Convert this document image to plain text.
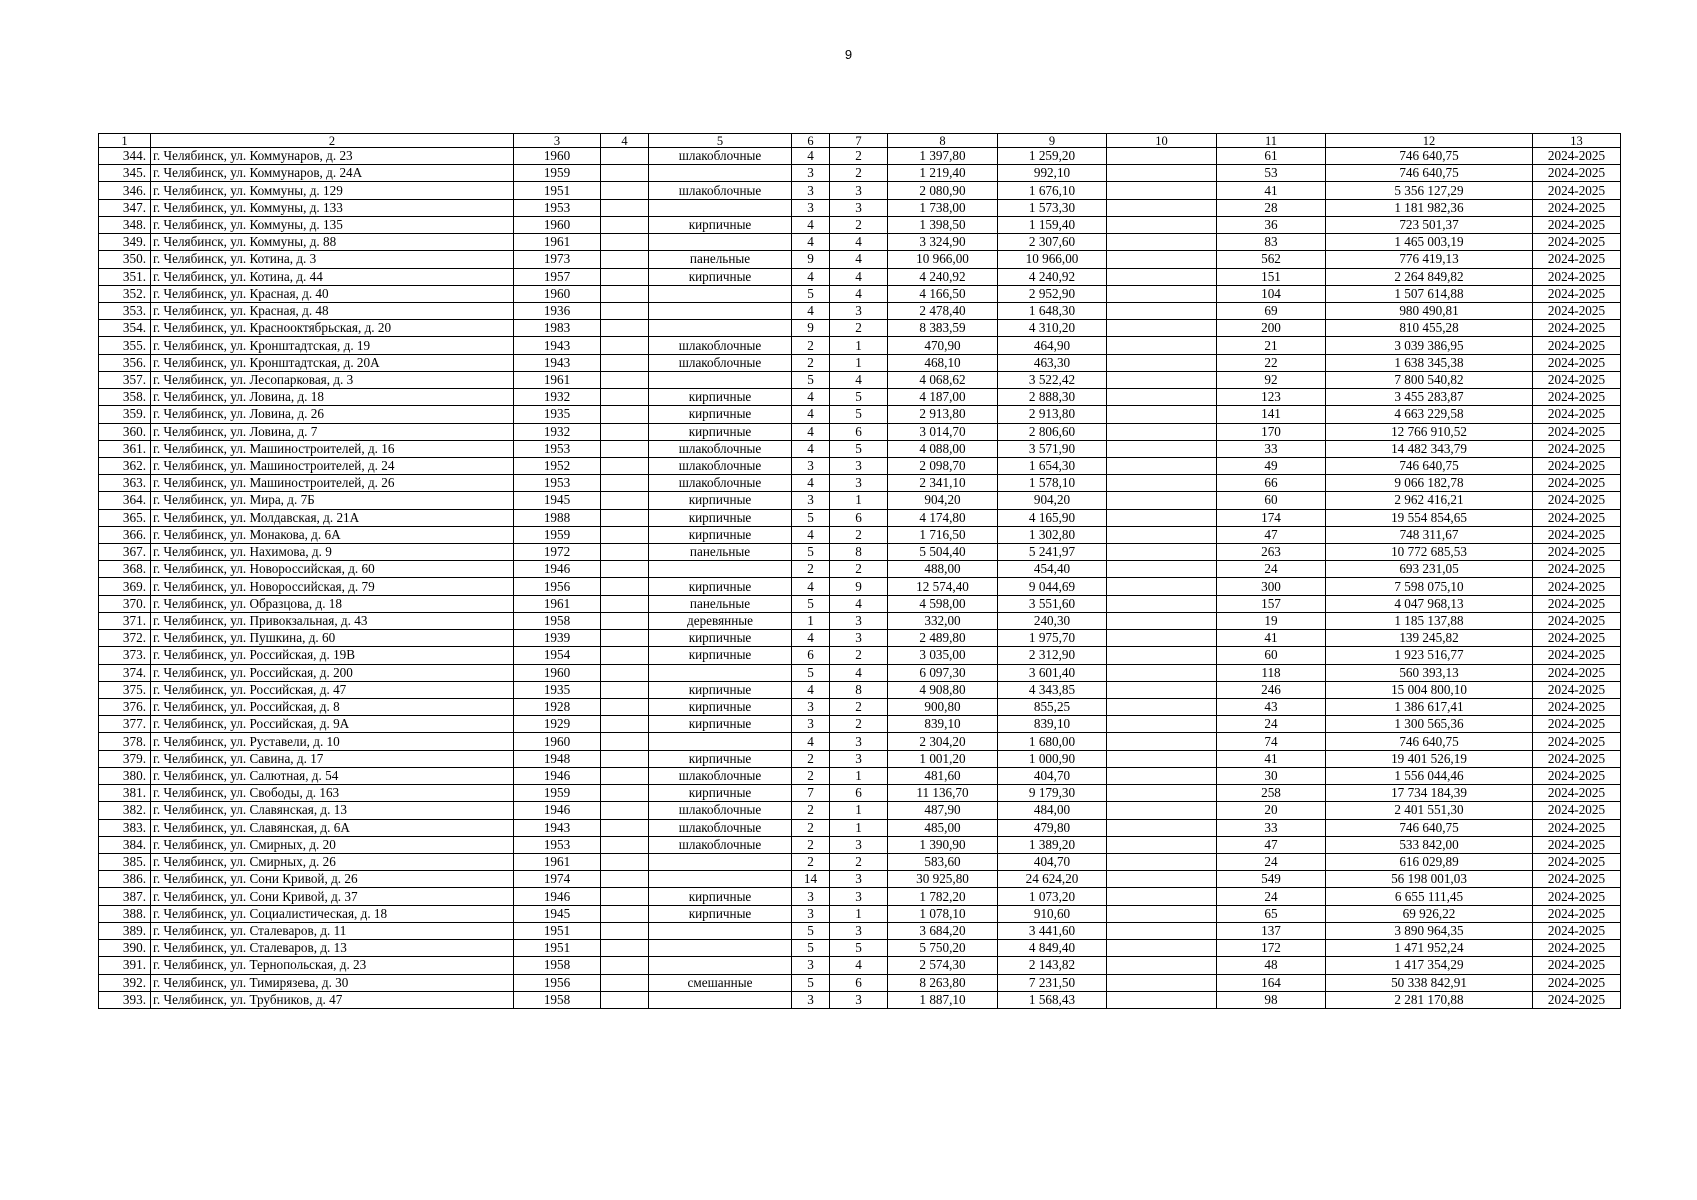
9
1	2	3	4	5	6	7	8	9	10	11	12	13
344.	г. Челябинск, ул. Коммунаров, д. 23	1960		шлакоблочные	4	2	1 397,80	1 259,20		61	746 640,75	2024-2025
345.	г. Челябинск, ул. Коммунаров, д. 24А	1959			3	2	1 219,40	992,10		53	746 640,75	2024-2025
346.	г. Челябинск, ул. Коммуны, д. 129	1951		шлакоблочные	3	3	2 080,90	1 676,10		41	5 356 127,29	2024-2025
347.	г. Челябинск, ул. Коммуны, д. 133	1953			3	3	1 738,00	1 573,30		28	1 181 982,36	2024-2025
348.	г. Челябинск, ул. Коммуны, д. 135	1960		кирпичные	4	2	1 398,50	1 159,40		36	723 501,37	2024-2025
349.	г. Челябинск, ул. Коммуны, д. 88	1961			4	4	3 324,90	2 307,60		83	1 465 003,19	2024-2025
350.	г. Челябинск, ул. Котина, д. 3	1973		панельные	9	4	10 966,00	10 966,00		562	776 419,13	2024-2025
351.	г. Челябинск, ул. Котина, д. 44	1957		кирпичные	4	4	4 240,92	4 240,92		151	2 264 849,82	2024-2025
352.	г. Челябинск, ул. Красная, д. 40	1960			5	4	4 166,50	2 952,90		104	1 507 614,88	2024-2025
353.	г. Челябинск, ул. Красная, д. 48	1936			4	3	2 478,40	1 648,30		69	980 490,81	2024-2025
354.	г. Челябинск, ул. Краснооктябрьская, д. 20	1983			9	2	8 383,59	4 310,20		200	810 455,28	2024-2025
355.	г. Челябинск, ул. Кронштадтская, д. 19	1943		шлакоблочные	2	1	470,90	464,90		21	3 039 386,95	2024-2025
356.	г. Челябинск, ул. Кронштадтская, д. 20А	1943		шлакоблочные	2	1	468,10	463,30		22	1 638 345,38	2024-2025
357.	г. Челябинск, ул. Лесопарковая, д. 3	1961			5	4	4 068,62	3 522,42		92	7 800 540,82	2024-2025
358.	г. Челябинск, ул. Ловина, д. 18	1932		кирпичные	4	5	4 187,00	2 888,30		123	3 455 283,87	2024-2025
359.	г. Челябинск, ул. Ловина, д. 26	1935		кирпичные	4	5	2 913,80	2 913,80		141	4 663 229,58	2024-2025
360.	г. Челябинск, ул. Ловина, д. 7	1932		кирпичные	4	6	3 014,70	2 806,60		170	12 766 910,52	2024-2025
361.	г. Челябинск, ул. Машиностроителей, д. 16	1953		шлакоблочные	4	5	4 088,00	3 571,90		33	14 482 343,79	2024-2025
362.	г. Челябинск, ул. Машиностроителей, д. 24	1952		шлакоблочные	3	3	2 098,70	1 654,30		49	746 640,75	2024-2025
363.	г. Челябинск, ул. Машиностроителей, д. 26	1953		шлакоблочные	4	3	2 341,10	1 578,10		66	9 066 182,78	2024-2025
364.	г. Челябинск, ул. Мира, д. 7Б	1945		кирпичные	3	1	904,20	904,20		60	2 962 416,21	2024-2025
365.	г. Челябинск, ул. Молдавская, д. 21А	1988		кирпичные	5	6	4 174,80	4 165,90		174	19 554 854,65	2024-2025
366.	г. Челябинск, ул. Монакова, д. 6А	1959		кирпичные	4	2	1 716,50	1 302,80		47	748 311,67	2024-2025
367.	г. Челябинск, ул. Нахимова, д. 9	1972		панельные	5	8	5 504,40	5 241,97		263	10 772 685,53	2024-2025
368.	г. Челябинск, ул. Новороссийская, д. 60	1946			2	2	488,00	454,40		24	693 231,05	2024-2025
369.	г. Челябинск, ул. Новороссийская, д. 79	1956		кирпичные	4	9	12 574,40	9 044,69		300	7 598 075,10	2024-2025
370.	г. Челябинск, ул. Образцова, д. 18	1961		панельные	5	4	4 598,00	3 551,60		157	4 047 968,13	2024-2025
371.	г. Челябинск, ул. Привокзальная, д. 43	1958		деревянные	1	3	332,00	240,30		19	1 185 137,88	2024-2025
372.	г. Челябинск, ул. Пушкина, д. 60	1939		кирпичные	4	3	2 489,80	1 975,70		41	139 245,82	2024-2025
373.	г. Челябинск, ул. Российская, д. 19В	1954		кирпичные	6	2	3 035,00	2 312,90		60	1 923 516,77	2024-2025
374.	г. Челябинск, ул. Российская, д. 200	1960			5	4	6 097,30	3 601,40		118	560 393,13	2024-2025
375.	г. Челябинск, ул. Российская, д. 47	1935		кирпичные	4	8	4 908,80	4 343,85		246	15 004 800,10	2024-2025
376.	г. Челябинск, ул. Российская, д. 8	1928		кирпичные	3	2	900,80	855,25		43	1 386 617,41	2024-2025
377.	г. Челябинск, ул. Российская, д. 9А	1929		кирпичные	3	2	839,10	839,10		24	1 300 565,36	2024-2025
378.	г. Челябинск, ул. Руставели, д. 10	1960			4	3	2 304,20	1 680,00		74	746 640,75	2024-2025
379.	г. Челябинск, ул. Савина, д. 17	1948		кирпичные	2	3	1 001,20	1 000,90		41	19 401 526,19	2024-2025
380.	г. Челябинск, ул. Салютная, д. 54	1946		шлакоблочные	2	1	481,60	404,70		30	1 556 044,46	2024-2025
381.	г. Челябинск, ул. Свободы, д. 163	1959		кирпичные	7	6	11 136,70	9 179,30		258	17 734 184,39	2024-2025
382.	г. Челябинск, ул. Славянская, д. 13	1946		шлакоблочные	2	1	487,90	484,00		20	2 401 551,30	2024-2025
383.	г. Челябинск, ул. Славянская, д. 6А	1943		шлакоблочные	2	1	485,00	479,80		33	746 640,75	2024-2025
384.	г. Челябинск, ул. Смирных, д. 20	1953		шлакоблочные	2	3	1 390,90	1 389,20		47	533 842,00	2024-2025
385.	г. Челябинск, ул. Смирных, д. 26	1961			2	2	583,60	404,70		24	616 029,89	2024-2025
386.	г. Челябинск, ул. Сони Кривой, д. 26	1974			14	3	30 925,80	24 624,20		549	56 198 001,03	2024-2025
387.	г. Челябинск, ул. Сони Кривой, д. 37	1946		кирпичные	3	3	1 782,20	1 073,20		24	6 655 111,45	2024-2025
388.	г. Челябинск, ул. Социалистическая, д. 18	1945		кирпичные	3	1	1 078,10	910,60		65	69 926,22	2024-2025
389.	г. Челябинск, ул. Сталеваров, д. 11	1951			5	3	3 684,20	3 441,60		137	3 890 964,35	2024-2025
390.	г. Челябинск, ул. Сталеваров, д. 13	1951			5	5	5 750,20	4 849,40		172	1 471 952,24	2024-2025
391.	г. Челябинск, ул. Тернопольская, д. 23	1958			3	4	2 574,30	2 143,82		48	1 417 354,29	2024-2025
392.	г. Челябинск, ул. Тимирязева, д. 30	1956		смешанные	5	6	8 263,80	7 231,50		164	50 338 842,91	2024-2025
393.	г. Челябинск, ул. Трубников, д. 47	1958			3	3	1 887,10	1 568,43		98	2 281 170,88	2024-2025
